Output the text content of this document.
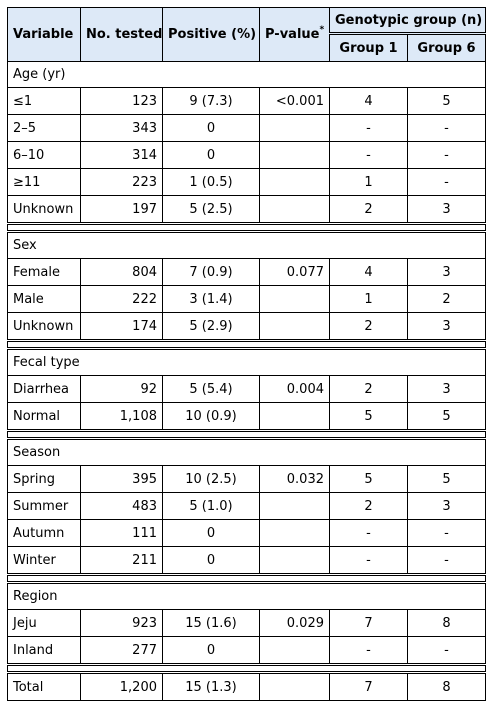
Variable	No. tested	Positive (%)	P-value*	Genotypic group (n)	
				Group 1	Group 6
Age (yr)					
≤1	123	9 (7.3)	<0.001	4	5
2–5	343	0		-	-
6–10	314	0		-	-
≥11	223	1 (0.5)		1	-
Unknown	197	5 (2.5)		2	3

Sex					
Female	804	7 (0.9)	0.077	4	3
Male	222	3 (1.4)		1	2
Unknown	174	5 (2.9)		2	3

Fecal type					
Diarrhea	92	5 (5.4)	0.004	2	3
Normal	1,108	10 (0.9)		5	5

Season					
Spring	395	10 (2.5)	0.032	5	5
Summer	483	5 (1.0)		2	3
Autumn	111	0		-	-
Winter	211	0		-	-

Region					
Jeju	923	15 (1.6)	0.029	7	8
Inland	277	0		-	-

Total	1,200	15 (1.3)		7	8
